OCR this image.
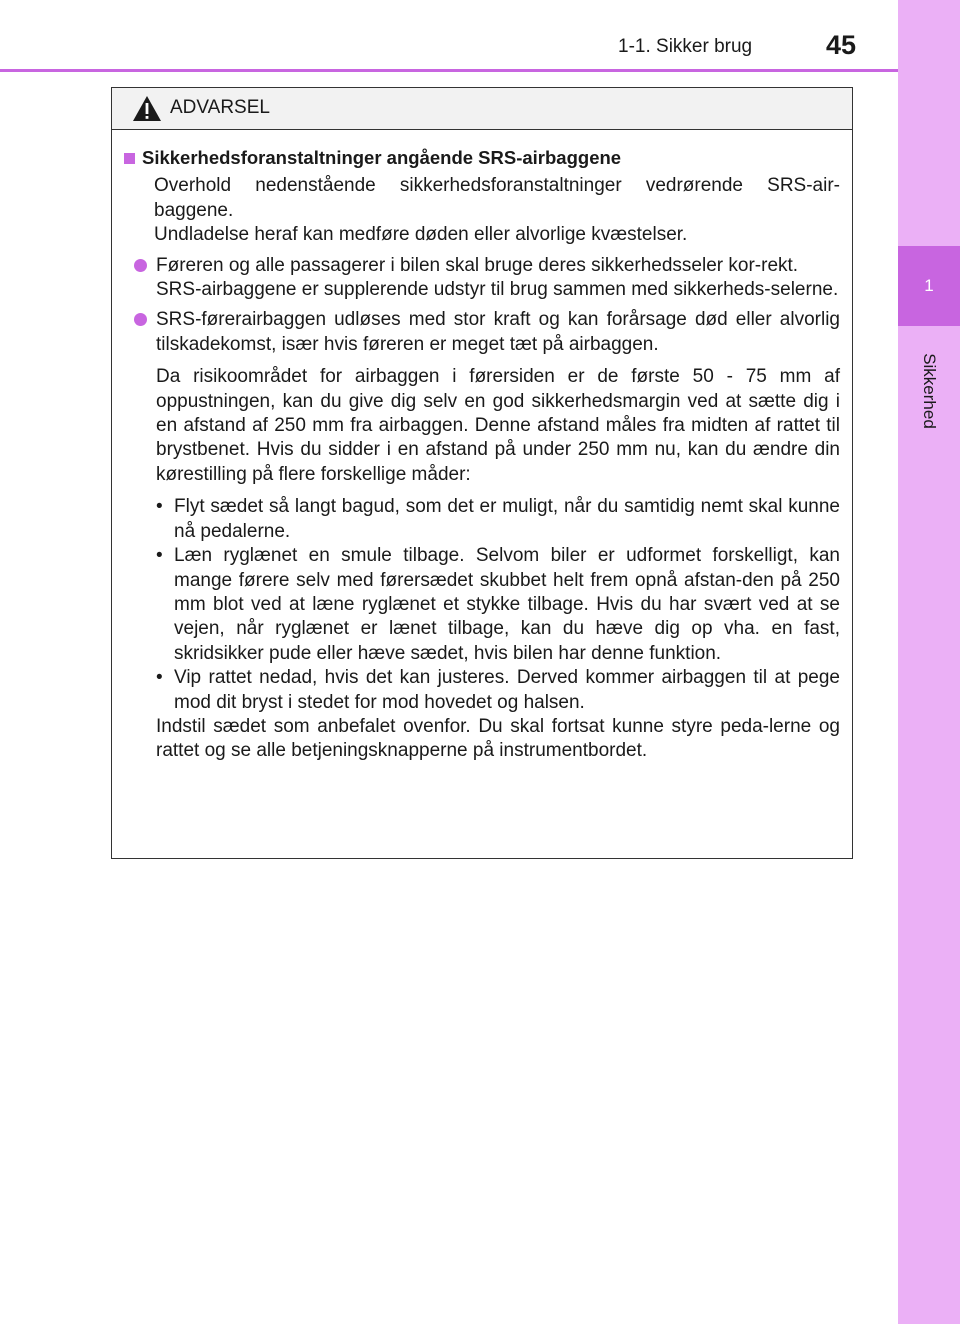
1
Sikkerhed
1-1. Sikker brug	45
ADVARSEL
Sikkerhedsforanstaltninger angående SRS-airbaggene

Overhold nedenstående sikkerhedsforanstaltninger vedrørende SRS-air-baggene.

Undladelse heraf kan medføre døden eller alvorlige kvæstelser.

Føreren og alle passagerer i bilen skal bruge deres sikkerhedsseler kor-rekt.
SRS-airbaggene er supplerende udstyr til brug sammen med sikkerheds-selerne.
SRS-førerairbaggen udløses med stor kraft og kan forårsage død eller alvorlig tilskadekomst, især hvis føreren er meget tæt på airbaggen.
Da risikoområdet for airbaggen i førersiden er de første 50 - 75 mm af oppustningen, kan du give dig selv en god sikkerhedsmargin ved at sætte dig i en afstand af 250 mm fra airbaggen. Denne afstand måles fra midten af rattet til brystbenet. Hvis du sidder i en afstand på under 250 mm nu, kan du ændre din kørestilling på flere forskellige måder:
• Flyt sædet så langt bagud, som det er muligt, når du samtidig nemt skal kunne nå pedalerne.
• Læn ryglænet en smule tilbage. Selvom biler er udformet forskelligt, kan mange førere selv med førersædet skubbet helt frem opnå afstan-den på 250 mm blot ved at læne ryglænet et stykke tilbage. Hvis du har svært ved at se vejen, når ryglænet er lænet tilbage, kan du hæve dig op vha. en fast, skridsikker pude eller hæve sædet, hvis bilen har denne funktion.
• Vip rattet nedad, hvis det kan justeres. Derved kommer airbaggen til at pege mod dit bryst i stedet for mod hovedet og halsen.
Indstil sædet som anbefalet ovenfor. Du skal fortsat kunne styre peda-lerne og rattet og se alle betjeningsknapperne på instrumentbordet.
